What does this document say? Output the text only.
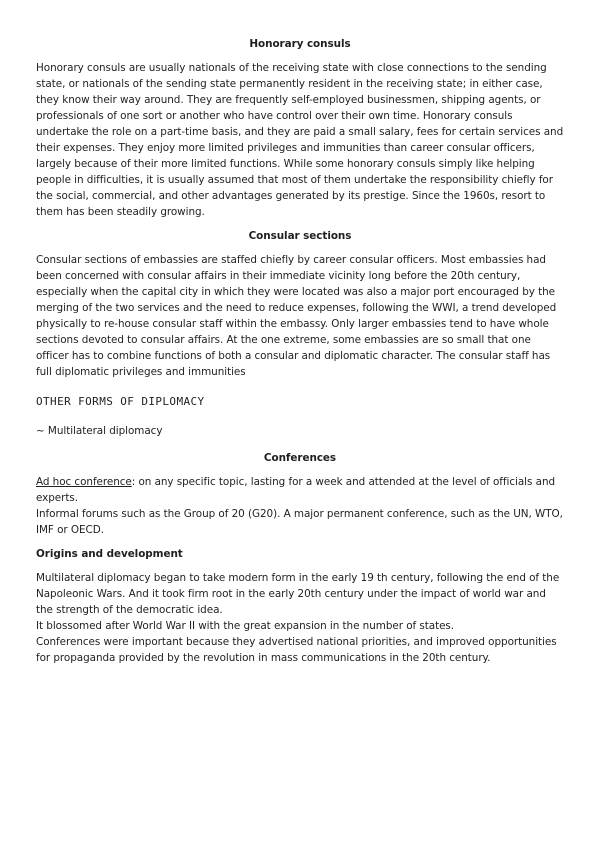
Honorary consuls
Honorary consuls are usually nationals of the receiving state with close connections to the sending state, or nationals of the sending state permanently resident in the receiving state; in either case, they know their way around. They are frequently self-employed businessmen, shipping agents, or professionals of one sort or another who have control over their own time. Honorary consuls undertake the role on a part-time basis, and they are paid a small salary, fees for certain services and their expenses. They enjoy more limited privileges and immunities than career consular officers, largely because of their more limited functions. While some honorary consuls simply like helping people in difficulties, it is usually assumed that most of them undertake the responsibility chiefly for the social, commercial, and other advantages generated by its prestige. Since the 1960s, resort to them has been steadily growing.
Consular sections
Consular sections of embassies are staffed chiefly by career consular officers. Most embassies had been concerned with consular affairs in their immediate vicinity long before the 20th century, especially when the capital city in which they were located was also a major port encouraged by the merging of the two services and the need to reduce expenses, following the WWI, a trend developed physically to re-house consular staff within the embassy. Only larger embassies tend to have whole sections devoted to consular affairs. At the one extreme, some embassies are so small that one officer has to combine functions of both a consular and diplomatic character. The consular staff has full diplomatic privileges and immunities
OTHER FORMS OF DIPLOMACY
~ Multilateral diplomacy
Conferences
Ad hoc conference: on any specific topic, lasting for a week and attended at the level of officials and experts.
Informal forums such as the Group of 20 (G20). A major permanent conference, such as the UN, WTO, IMF or OECD.
Origins and development
Multilateral diplomacy began to take modern form in the early 19 th century, following the end of the Napoleonic Wars. And it took firm root in the early 20th century under the impact of world war and the strength of the democratic idea.
It blossomed after World War II with the great expansion in the number of states.
Conferences were important because they advertised national priorities, and improved opportunities for propaganda provided by the revolution in mass communications in the 20th century.
